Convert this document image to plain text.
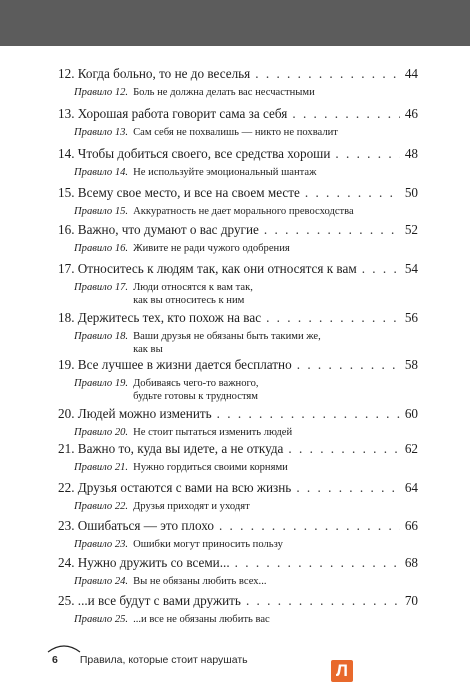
12. Когда больно, то не до веселья . . .	44
Правило 12. Боль не должна делать вас несчастными
13. Хорошая работа говорит сама за себя . . .	46
Правило 13. Сам себя не похвалишь — никто не похвалит
14. Чтобы добиться своего, все средства хороши . . .	48
Правило 14. Не используйте эмоциональный шантаж
15. Всему свое место, и все на своем месте . . .	50
Правило 15. Аккуратность не дает морального превосходства
16. Важно, что думают о вас другие . . .	52
Правило 16. Живите не ради чужого одобрения
17. Относитесь к людям так, как они относятся к вам . . .	54
Правило 17. Люди относятся к вам так,
как вы относитесь к ним
18. Держитесь тех, кто похож на вас . . .	56
Правило 18. Ваши друзья не обязаны быть такими же,
как вы
19. Все лучшее в жизни дается бесплатно . . .	58
Правило 19. Добиваясь чего-то важного,
будьте готовы к трудностям
20. Людей можно изменить . . .	60
Правило 20. Не стоит пытаться изменить людей
21. Важно то, куда вы идете, а не откуда . . .	62
Правило 21. Нужно гордиться своими корнями
22. Друзья остаются с вами на всю жизнь . . .	64
Правило 22. Друзья приходят и уходят
23. Ошибаться — это плохо . . .	66
Правило 23. Ошибки могут приносить пользу
24. Нужно дружить со всеми... . . .	68
Правило 24. Вы не обязаны любить всех...
25. ...и все будут с вами дружить . . .	70
Правило 25. ...и все не обязаны любить вас
6 Правила, которые стоит нарушать
Л
